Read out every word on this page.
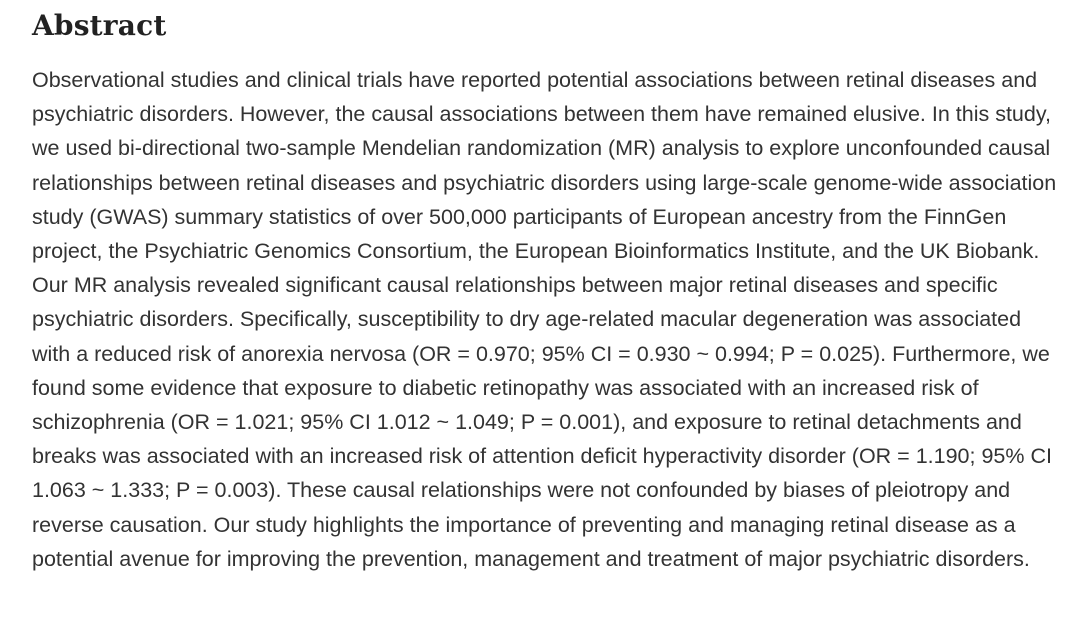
Abstract

Observational studies and clinical trials have reported potential associations between retinal diseases and psychiatric disorders. However, the causal associations between them have remained elusive. In this study, we used bi-directional two-sample Mendelian randomization (MR) analysis to explore unconfounded causal relationships between retinal diseases and psychiatric disorders using large-scale genome-wide association study (GWAS) summary statistics of over 500,000 participants of European ancestry from the FinnGen project, the Psychiatric Genomics Consortium, the European Bioinformatics Institute, and the UK Biobank. Our MR analysis revealed significant causal relationships between major retinal diseases and specific psychiatric disorders. Specifically, susceptibility to dry age-related macular degeneration was associated with a reduced risk of anorexia nervosa (OR = 0.970; 95% CI = 0.930 ~ 0.994; P = 0.025). Furthermore, we found some evidence that exposure to diabetic retinopathy was associated with an increased risk of schizophrenia (OR = 1.021; 95% CI 1.012 ~ 1.049; P = 0.001), and exposure to retinal detachments and breaks was associated with an increased risk of attention deficit hyperactivity disorder (OR = 1.190; 95% CI 1.063 ~ 1.333; P = 0.003). These causal relationships were not confounded by biases of pleiotropy and reverse causation. Our study highlights the importance of preventing and managing retinal disease as a potential avenue for improving the prevention, management and treatment of major psychiatric disorders.
